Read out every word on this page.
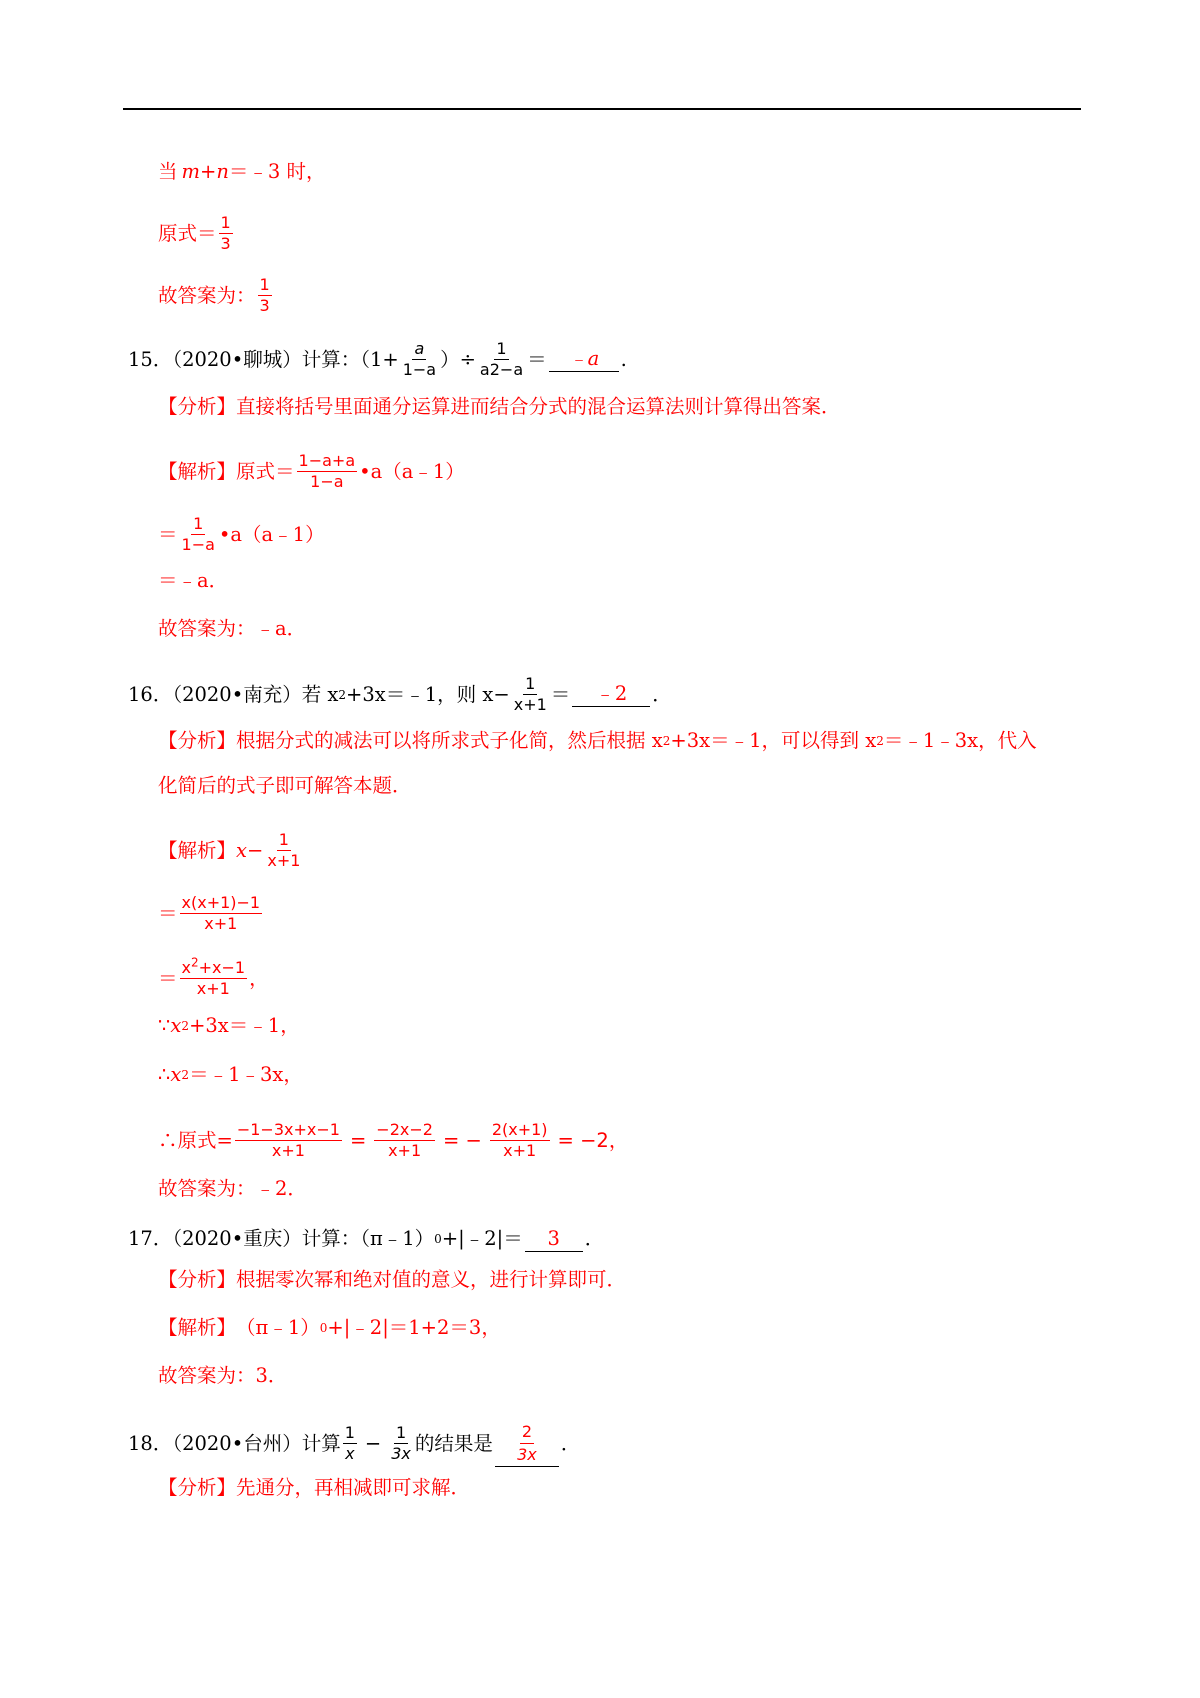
当 m+n ＝﹣3 时，
原式＝ $\frac{1}{3}$
故答案为： $\frac{1}{3}$
15．（2020•聊城）计算：（$1+ \frac{a}{1-a}$ ）÷ $\frac{1}{a2-a}$ ＝ ﹣a .
【分析】 直接将括号里面通分运算进而结合分式的混合运算法则计算得出答案．
【解析】 原式＝ $\frac{1-a+a}{1-a}$ •a（a﹣1）
＝ $\frac{1}{1-a}$ •a（a﹣1）
＝﹣a．
故答案为：﹣a．
16．（2020•南充）若 x 2 +3x＝﹣1，则 $x- \frac{1}{x+1}$ ＝ ﹣2 ．
【分析】 根据分式的减法可以将所求式子化简，然后根据 x 2 +3x＝﹣1，可以得到 x 2 ＝﹣1﹣3x，代入
化简后的式子即可解答本题．
【解析】 $x- \frac{1}{x+1}$
＝ $\frac{x(x+1)-1}{x+1}$
＝ $\frac{x^2+x-1}{x+1}$ ，
∵ x 2 +3x＝﹣1，
∴ x 2 ＝﹣1﹣3x，
∴原式= $\frac{-1-3x+x-1}{x+1} = \frac{-2x-2}{x+1}$ = − $\frac{2(x+1)}{x+1} = -2$，
故答案为：﹣2．
17．（2020•重庆）计算：（π﹣1） 0 +|﹣2|＝ 3 ．
【分析】 根据零次幂和绝对值的意义，进行计算即可．
【解析】 （π﹣1） 0 +|﹣2|＝1+2＝3，
故答案为：3．
18．（2020•台州）计算 $\frac{1}{x} - \frac{1}{3x}$ 的结果是 $\frac{2}{3x}$ ．
【分析】 先通分，再相减即可求解．
